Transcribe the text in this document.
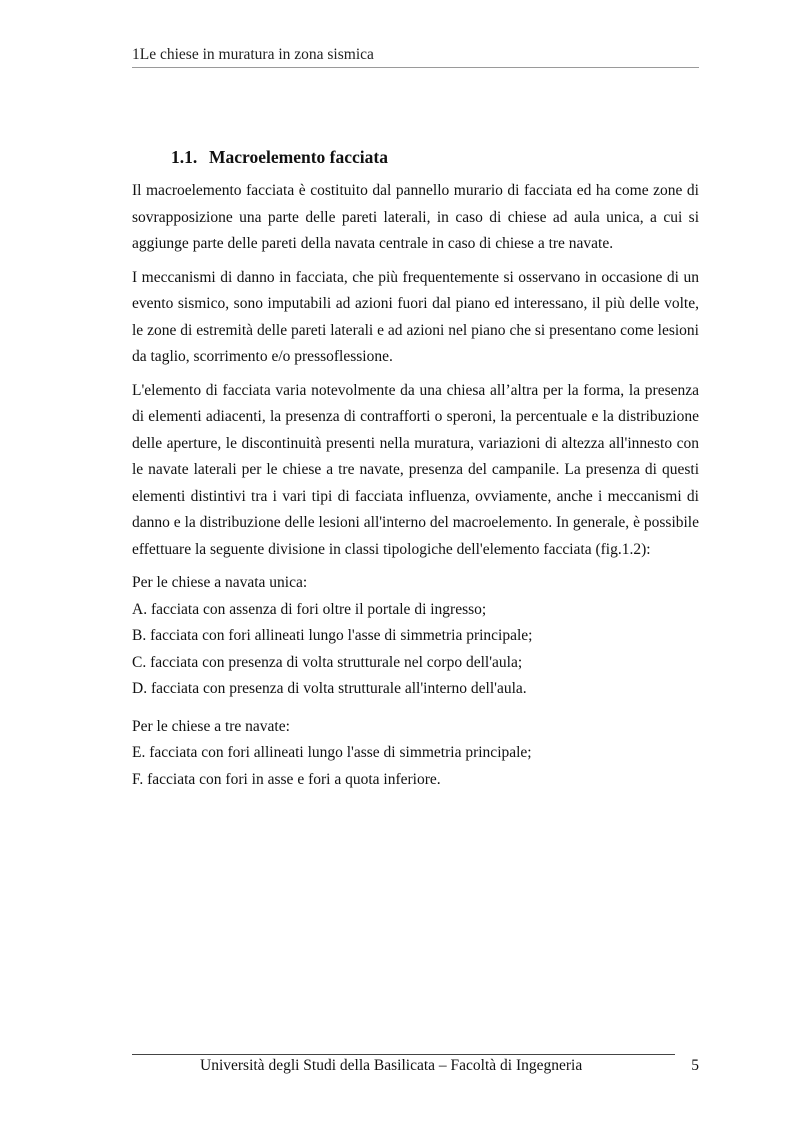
1Le chiese in muratura in zona sismica
1.1. Macroelemento facciata

Il macroelemento facciata è costituito dal pannello murario di facciata ed ha come zone di sovrapposizione una parte delle pareti laterali, in caso di chiese ad aula unica, a cui si aggiunge parte delle pareti della navata centrale in caso di chiese a tre navate.

I meccanismi di danno in facciata, che più frequentemente si osservano in occasione di un evento sismico, sono imputabili ad azioni fuori dal piano ed interessano, il più delle volte, le zone di estremità delle pareti laterali e ad azioni nel piano che si presentano come lesioni da taglio, scorrimento e/o pressoflessione.

L'elemento di facciata varia notevolmente da una chiesa all’altra per la forma, la presenza di elementi adiacenti, la presenza di contrafforti o speroni, la percentuale e la distribuzione delle aperture, le discontinuità presenti nella muratura, variazioni di altezza all'innesto con le navate laterali per le chiese a tre navate, presenza del campanile. La presenza di questi elementi distintivi tra i vari tipi di facciata influenza, ovviamente, anche i meccanismi di danno e la distribuzione delle lesioni all'interno del macroelemento. In generale, è possibile effettuare la seguente divisione in classi tipologiche dell'elemento facciata (fig.1.2):

Per le chiese a navata unica:
A. facciata con assenza di fori oltre il portale di ingresso;
B. facciata con fori allineati lungo l'asse di simmetria principale;
C. facciata con presenza di volta strutturale nel corpo dell'aula;
D. facciata con presenza di volta strutturale all'interno dell'aula.
Per le chiese a tre navate:
E. facciata con fori allineati lungo l'asse di simmetria principale;
F. facciata con fori in asse e fori a quota inferiore.
Università degli Studi della Basilicata – Facoltà di Ingegneria	5
